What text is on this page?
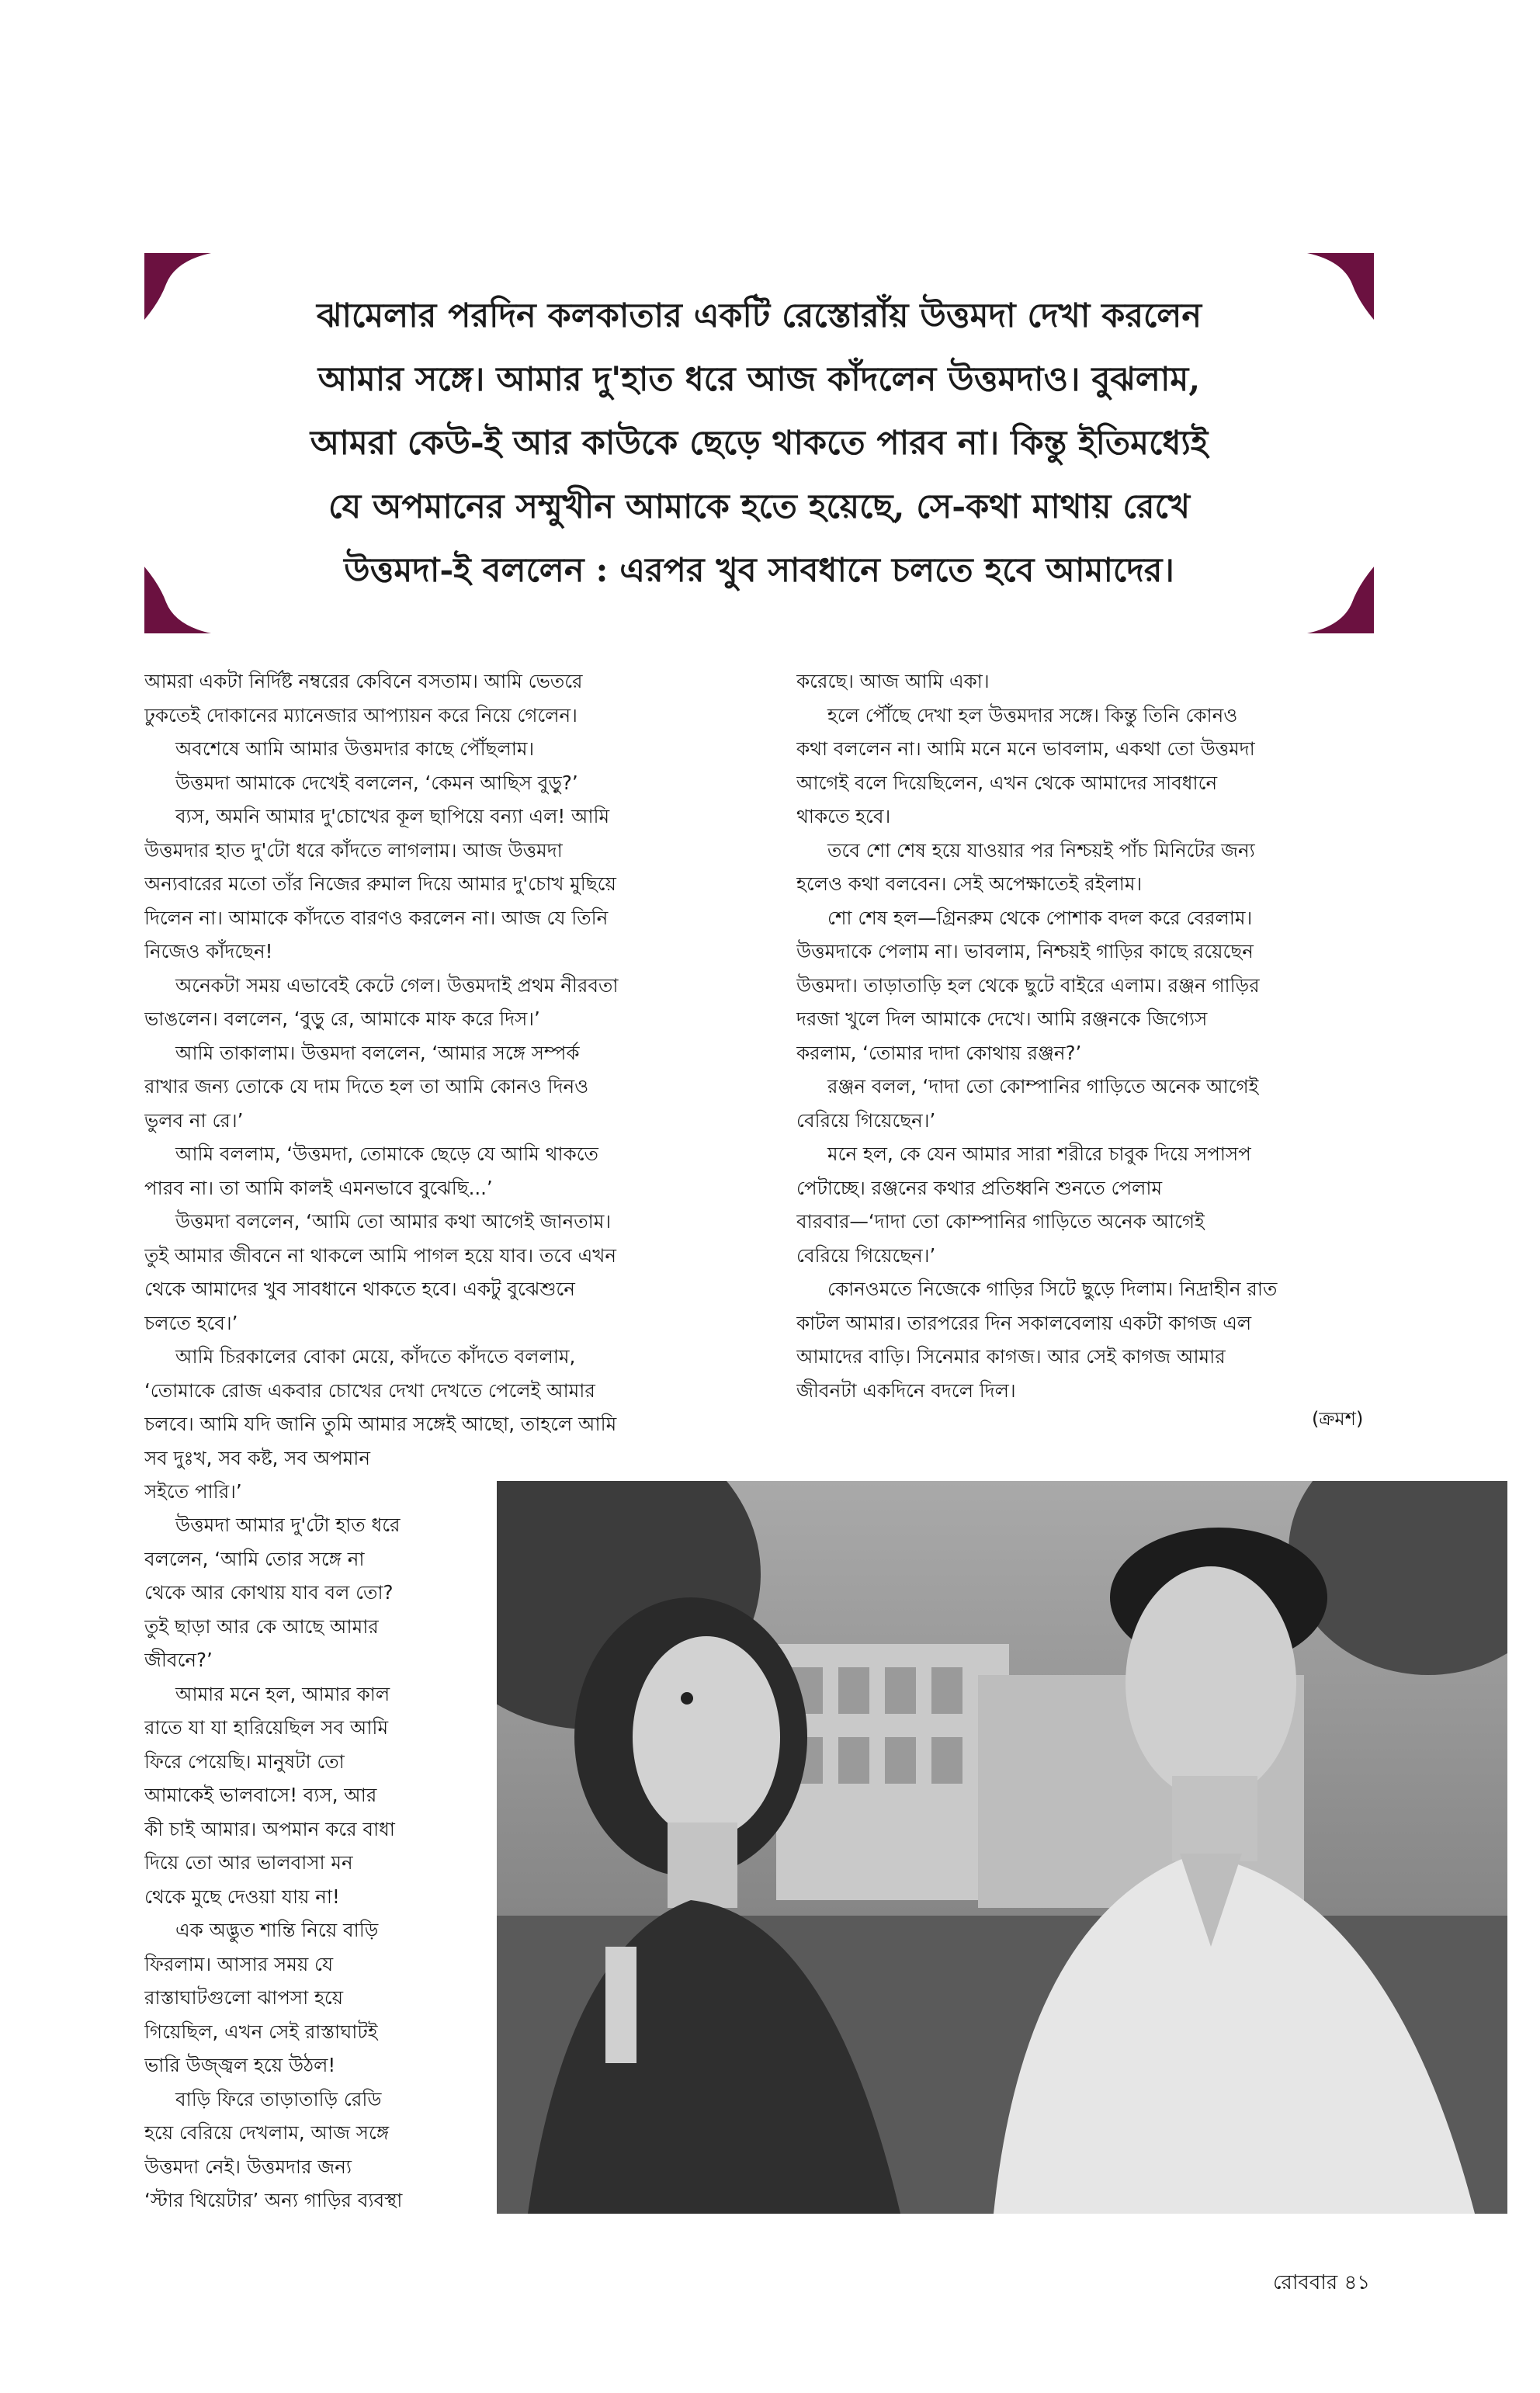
ঝামেলার পরদিন কলকাতার একটি রেস্তোরাঁয় উত্তমদা দেখা করলেন
আমার সঙ্গে। আমার দু'হাত ধরে আজ কাঁদলেন উত্তমদাও। বুঝলাম,
আমরা কেউ-ই আর কাউকে ছেড়ে থাকতে পারব না। কিন্তু ইতিমধ্যেই
যে অপমানের সম্মুখীন আমাকে হতে হয়েছে, সে-কথা মাথায় রেখে
উত্তমদা-ই বললেন : এরপর খুব সাবধানে চলতে হবে আমাদের।
আমরা একটা নির্দিষ্ট নম্বরের কেবিনে বসতাম। আমি ভেতরে
ঢুকতেই দোকানের ম্যানেজার আপ্যায়ন করে নিয়ে গেলেন।
অবশেষে আমি আমার উত্তমদার কাছে পৌঁছলাম।
উত্তমদা আমাকে দেখেই বললেন, ‘কেমন আছিস বুড়ু?’
ব্যস, অমনি আমার দু'চোখের কূল ছাপিয়ে বন্যা এল! আমি
উত্তমদার হাত দু'টো ধরে কাঁদতে লাগলাম। আজ উত্তমদা
অন্যবারের মতো তাঁর নিজের রুমাল দিয়ে আমার দু'চোখ মুছিয়ে
দিলেন না। আমাকে কাঁদতে বারণও করলেন না। আজ যে তিনি
নিজেও কাঁদছেন!
অনেকটা সময় এভাবেই কেটে গেল। উত্তমদাই প্রথম নীরবতা
ভাঙলেন। বললেন, ‘বুড়ু রে, আমাকে মাফ করে দিস।’
আমি তাকালাম। উত্তমদা বললেন, ‘আমার সঙ্গে সম্পর্ক
রাখার জন্য তোকে যে দাম দিতে হল তা আমি কোনও দিনও
ভুলব না রে।’
আমি বললাম, ‘উত্তমদা, তোমাকে ছেড়ে যে আমি থাকতে
পারব না। তা আমি কালই এমনভাবে বুঝেছি...’
উত্তমদা বললেন, ‘আমি তো আমার কথা আগেই জানতাম।
তুই আমার জীবনে না থাকলে আমি পাগল হয়ে যাব। তবে এখন
থেকে আমাদের খুব সাবধানে থাকতে হবে। একটু বুঝেশুনে
চলতে হবে।’
আমি চিরকালের বোকা মেয়ে, কাঁদতে কাঁদতে বললাম,
‘তোমাকে রোজ একবার চোখের দেখা দেখতে পেলেই আমার
চলবে। আমি যদি জানি তুমি আমার সঙ্গেই আছো, তাহলে আমি
সব দুঃখ, সব কষ্ট, সব অপমান
সইতে পারি।’
উত্তমদা আমার দু'টো হাত ধরে
বললেন, ‘আমি তোর সঙ্গে না
থেকে আর কোথায় যাব বল তো?
তুই ছাড়া আর কে আছে আমার
জীবনে?’
আমার মনে হল, আমার কাল
রাতে যা যা হারিয়েছিল সব আমি
ফিরে পেয়েছি। মানুষটা তো
আমাকেই ভালবাসে! ব্যস, আর
কী চাই আমার। অপমান করে বাধা
দিয়ে তো আর ভালবাসা মন
থেকে মুছে দেওয়া যায় না!
এক অদ্ভুত শান্তি নিয়ে বাড়ি
ফিরলাম। আসার সময় যে
রাস্তাঘাটগুলো ঝাপসা হয়ে
গিয়েছিল, এখন সেই রাস্তাঘাটই
ভারি উজ্জ্বল হয়ে উঠল!
বাড়ি ফিরে তাড়াতাড়ি রেডি
হয়ে বেরিয়ে দেখলাম, আজ সঙ্গে
উত্তমদা নেই। উত্তমদার জন্য
‘স্টার থিয়েটার’ অন্য গাড়ির ব্যবস্থা
করেছে। আজ আমি একা।
হলে পৌঁছে দেখা হল উত্তমদার সঙ্গে। কিন্তু তিনি কোনও
কথা বললেন না। আমি মনে মনে ভাবলাম, একথা তো উত্তমদা
আগেই বলে দিয়েছিলেন, এখন থেকে আমাদের সাবধানে
থাকতে হবে।
তবে শো শেষ হয়ে যাওয়ার পর নিশ্চয়ই পাঁচ মিনিটের জন্য
হলেও কথা বলবেন। সেই অপেক্ষাতেই রইলাম।
শো শেষ হল—গ্রিনরুম থেকে পোশাক বদল করে বেরলাম।
উত্তমদাকে পেলাম না। ভাবলাম, নিশ্চয়ই গাড়ির কাছে রয়েছেন
উত্তমদা। তাড়াতাড়ি হল থেকে ছুটে বাইরে এলাম। রঞ্জন গাড়ির
দরজা খুলে দিল আমাকে দেখে। আমি রঞ্জনকে জিগ্যেস
করলাম, ‘তোমার দাদা কোথায় রঞ্জন?’
রঞ্জন বলল, ‘দাদা তো কোম্পানির গাড়িতে অনেক আগেই
বেরিয়ে গিয়েছেন।’
মনে হল, কে যেন আমার সারা শরীরে চাবুক দিয়ে সপাসপ
পেটাচ্ছে। রঞ্জনের কথার প্রতিধ্বনি শুনতে পেলাম
বারবার—‘দাদা তো কোম্পানির গাড়িতে অনেক আগেই
বেরিয়ে গিয়েছেন।’
কোনওমতে নিজেকে গাড়ির সিটে ছুড়ে দিলাম। নিদ্রাহীন রাত
কাটল আমার। তারপরের দিন সকালবেলায় একটা কাগজ এল
আমাদের বাড়ি। সিনেমার কাগজ। আর সেই কাগজ আমার
জীবনটা একদিনে বদলে দিল।
(ক্রমশ)
রোববার ৪১
